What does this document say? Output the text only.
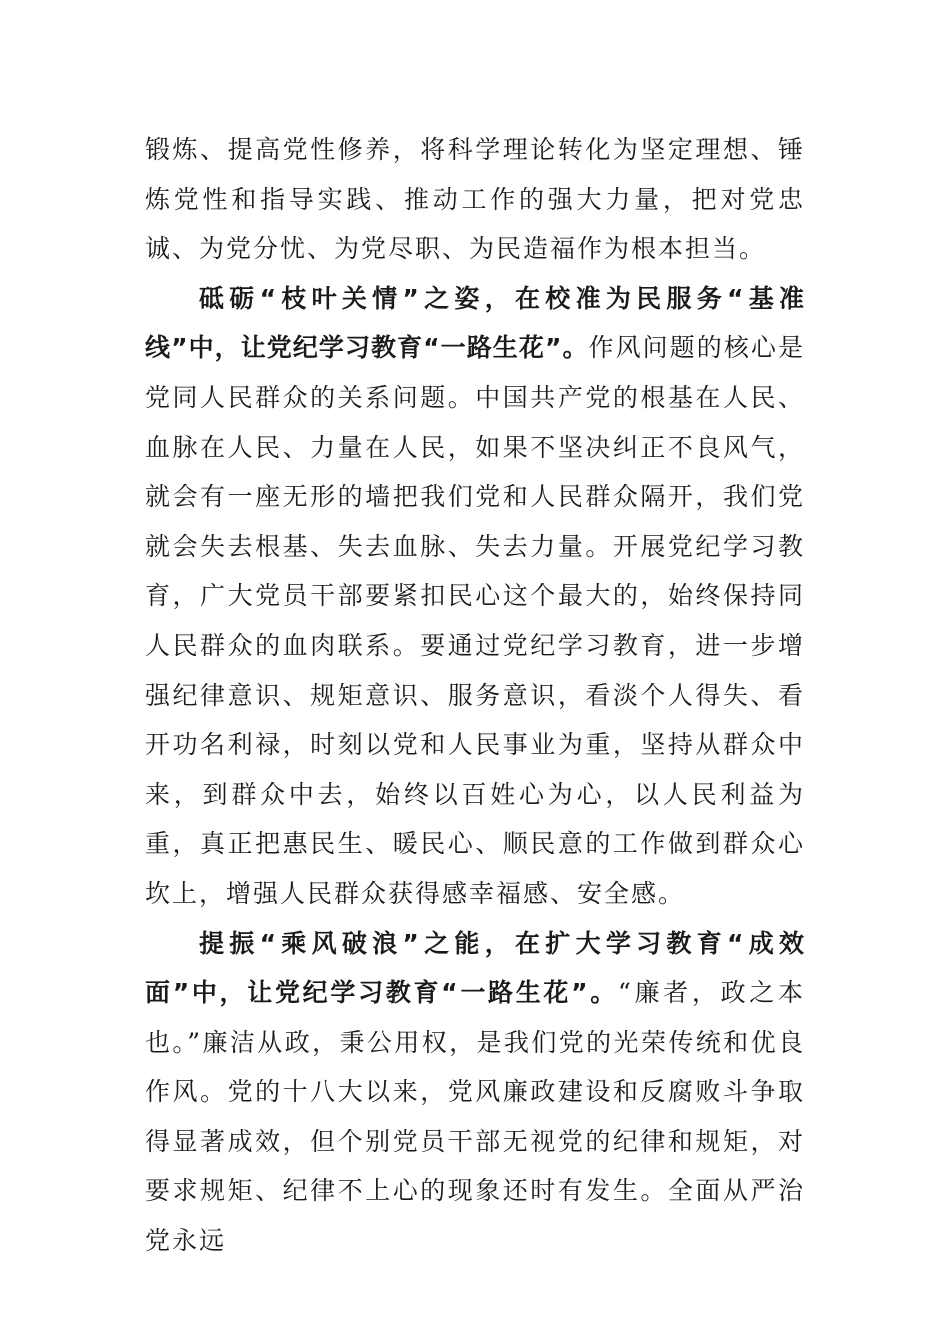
锻炼、提高党性修养，将科学理论转化为坚定理想、锤炼党性和指导实践、推动工作的强大力量，把对党忠诚、为党分忧、为党尽职、为民造福作为根本担当。

砥砺“枝叶关情”之姿，在校准为民服务“基准线”中，让党纪学习教育“一路生花”。作风问题的核心是党同人民群众的关系问题。中国共产党的根基在人民、血脉在人民、力量在人民，如果不坚决纠正不良风气，就会有一座无形的墙把我们党和人民群众隔开，我们党就会失去根基、失去血脉、失去力量。开展党纪学习教育，广大党员干部要紧扣民心这个最大的，始终保持同人民群众的血肉联系。要通过党纪学习教育，进一步增强纪律意识、规矩意识、服务意识，看淡个人得失、看开功名利禄，时刻以党和人民事业为重，坚持从群众中来，到群众中去，始终以百姓心为心，以人民利益为重，真正把惠民生、暖民心、顺民意的工作做到群众心坎上，增强人民群众获得感幸福感、安全感。

提振“乘风破浪”之能，在扩大学习教育“成效面”中，让党纪学习教育“一路生花”。“廉者，政之本也。”廉洁从政，秉公用权，是我们党的光荣传统和优良作风。党的十八大以来，党风廉政建设和反腐败斗争取得显著成效，但个别党员干部无视党的纪律和规矩，对要求规矩、纪律不上心的现象还时有发生。全面从严治党永远
